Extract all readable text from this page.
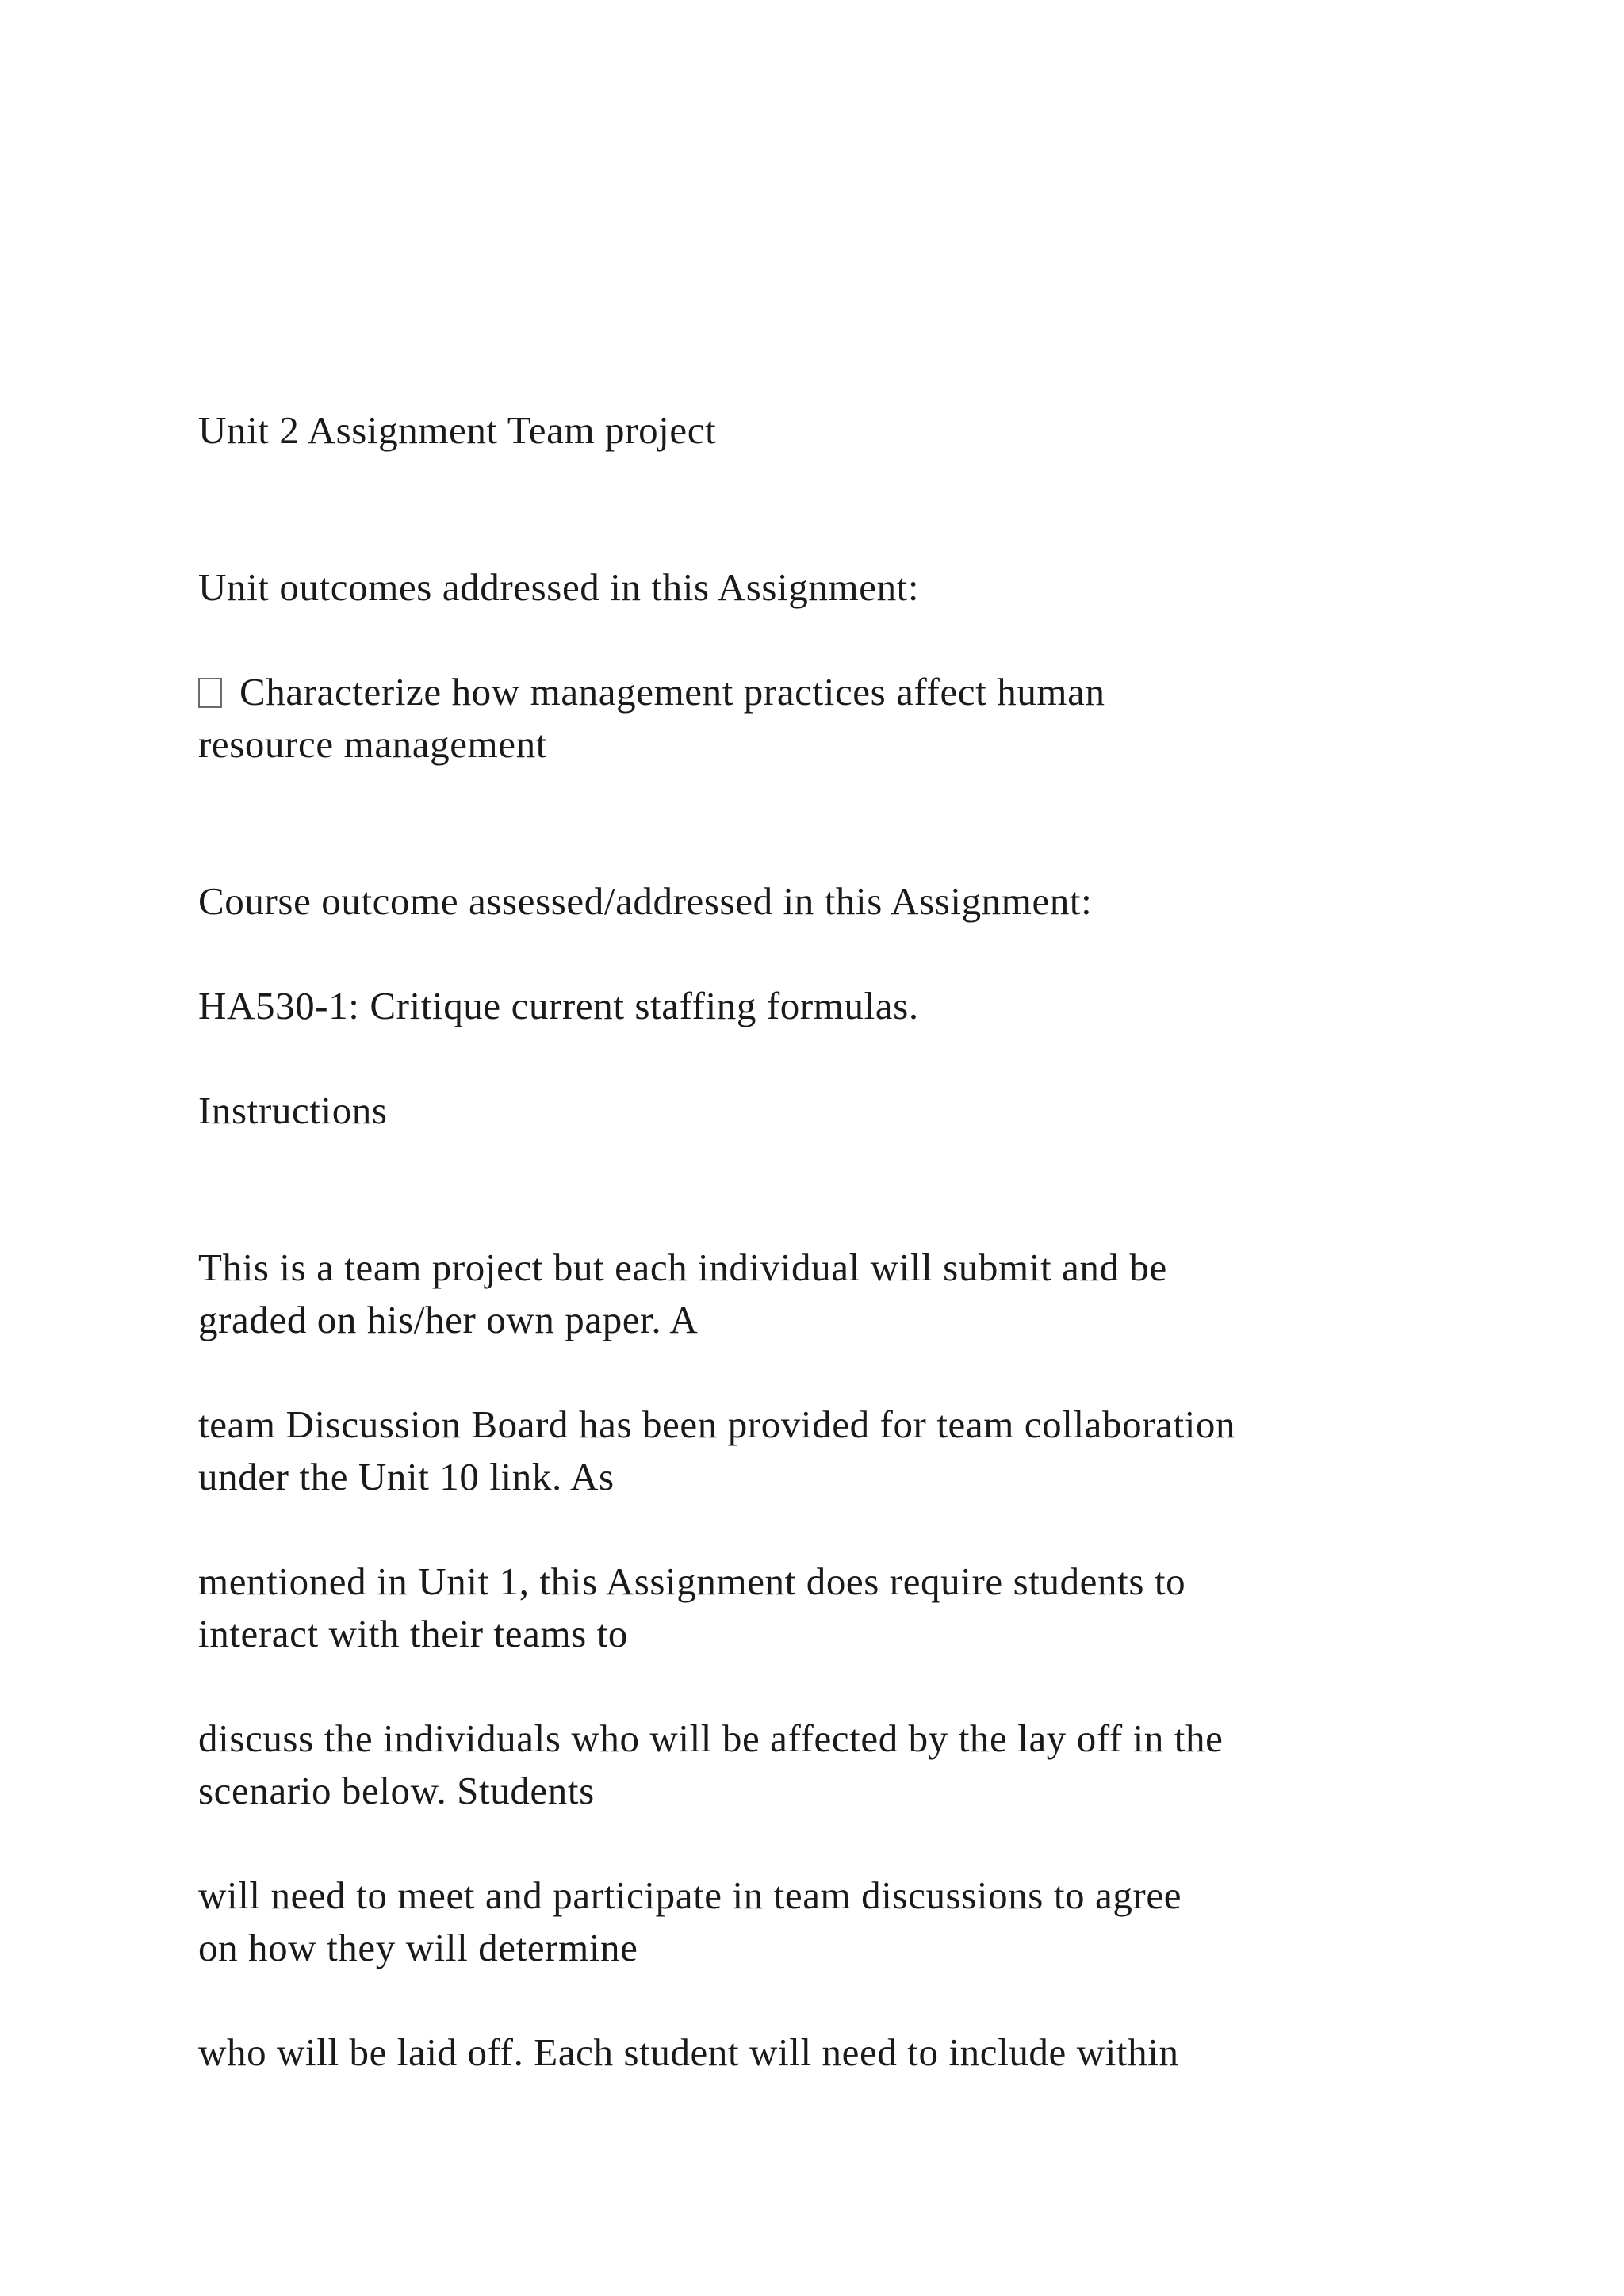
Unit 2 Assignment Team project

Unit outcomes addressed in this Assignment:

Characterize how management practices affect human

resource management

Course outcome assessed/addressed in this Assignment:

HA530-1: Critique current staffing formulas.

Instructions

This is a team project but each individual will submit and be

graded on his/her own paper. A

team Discussion Board has been provided for team collaboration

under the Unit 10 link. As

mentioned in Unit 1, this Assignment does require students to

interact with their teams to

discuss the individuals who will be affected by the lay off in the

scenario below. Students

will need to meet and participate in team discussions to agree

on how they will determine

who will be laid off. Each student will need to include within
